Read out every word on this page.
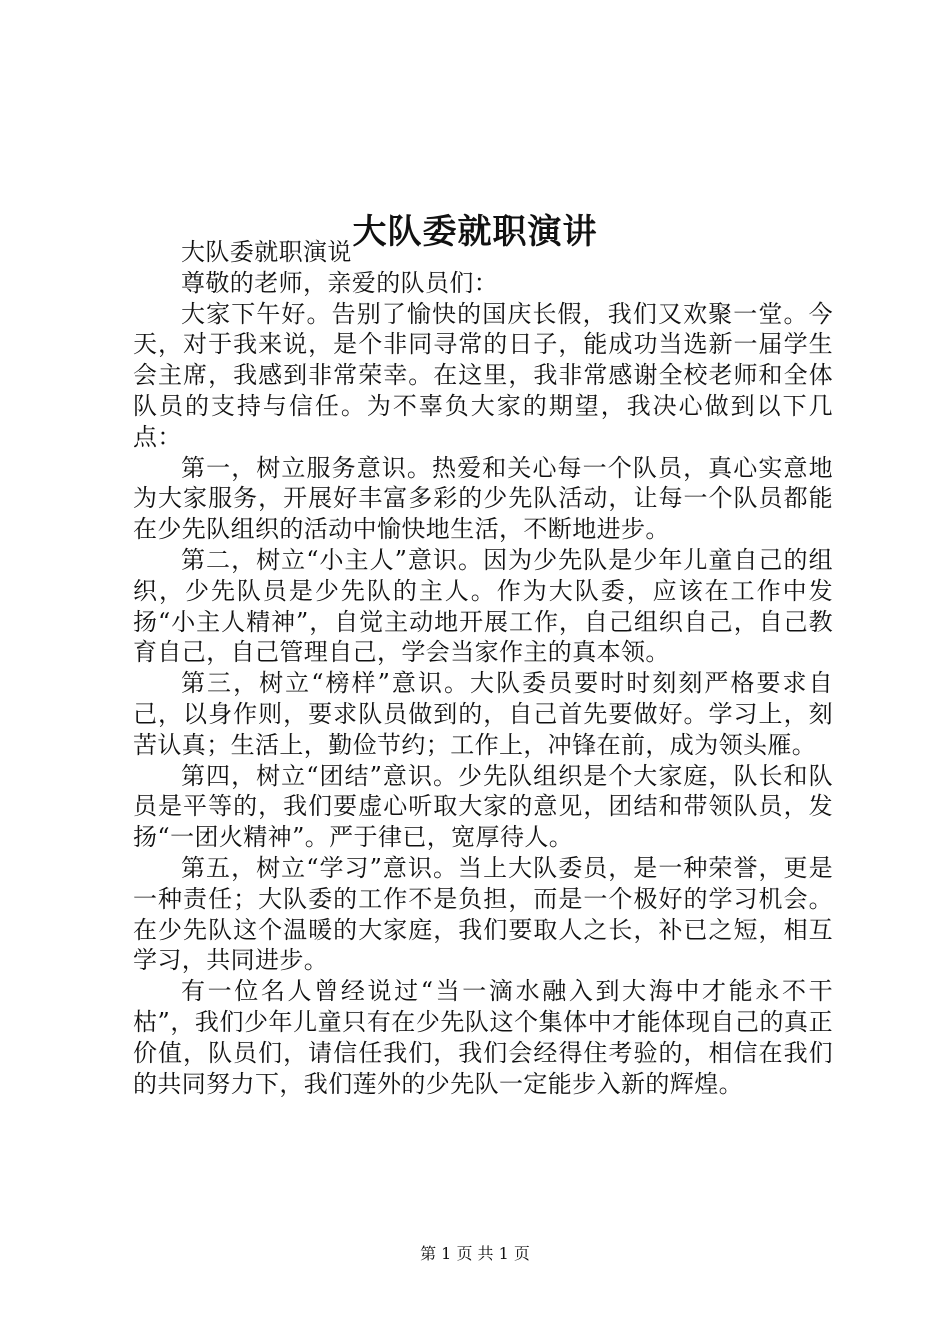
大队委就职演讲

大队委就职演说

尊敬的老师，亲爱的队员们：

大家下午好。告别了愉快的国庆长假，我们又欢聚一堂。今天，对于我来说，是个非同寻常的日子，能成功当选新一届学生会主席，我感到非常荣幸。在这里，我非常感谢全校老师和全体队员的支持与信任。为不辜负大家的期望，我决心做到以下几点：

第一，树立服务意识。热爱和关心每一个队员，真心实意地为大家服务，开展好丰富多彩的少先队活动，让每一个队员都能在少先队组织的活动中愉快地生活，不断地进步。

第二，树立“小主人”意识。因为少先队是少年儿童自己的组织，少先队员是少先队的主人。作为大队委，应该在工作中发扬“小主人精神”，自觉主动地开展工作，自己组织自己，自己教育自己，自己管理自己，学会当家作主的真本领。

第三，树立“榜样”意识。大队委员要时时刻刻严格要求自己，以身作则，要求队员做到的，自己首先要做好。学习上，刻苦认真；生活上，勤俭节约；工作上，冲锋在前，成为领头雁。

第四，树立“团结”意识。少先队组织是个大家庭，队长和队员是平等的，我们要虚心听取大家的意见，团结和带领队员，发扬“一团火精神”。严于律已，宽厚待人。

第五，树立“学习”意识。当上大队委员，是一种荣誉，更是一种责任；大队委的工作不是负担，而是一个极好的学习机会。在少先队这个温暖的大家庭，我们要取人之长，补已之短，相互学习，共同进步。

有一位名人曾经说过“当一滴水融入到大海中才能永不干枯”，我们少年儿童只有在少先队这个集体中才能体现自己的真正价值，队员们，请信任我们，我们会经得住考验的，相信在我们的共同努力下，我们莲外的少先队一定能步入新的辉煌。

第 1 页 共 1 页
